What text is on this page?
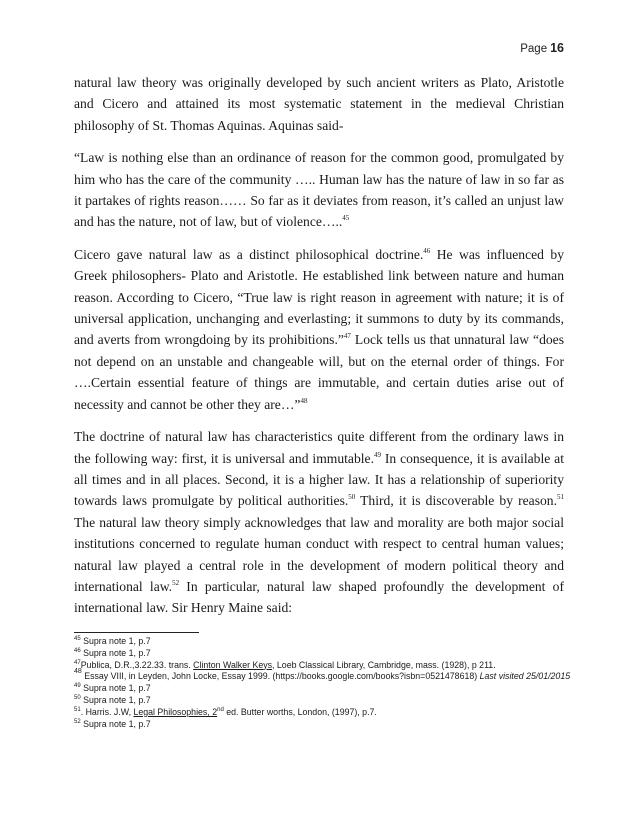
Page 16

natural law theory was originally developed by such ancient writers as Plato, Aristotle and Cicero and attained its most systematic statement in the medieval Christian philosophy of St. Thomas Aquinas. Aquinas said-

“Law is nothing else than an ordinance of reason for the common good, promulgated by him who has the care of the community ….. Human law has the nature of law in so far as it partakes of rights reason…… So far as it deviates from reason, it’s called an unjust law and has the nature, not of law, but of violence…..$^{45}$

Cicero gave natural law as a distinct philosophical doctrine.$^{46}$ He was influenced by Greek philosophers- Plato and Aristotle. He established link between nature and human reason. According to Cicero, “True law is right reason in agreement with nature; it is of universal application, unchanging and everlasting; it summons to duty by its commands, and averts from wrongdoing by its prohibitions.”$^{47}$ Lock tells us that unnatural law “does not depend on an unstable and changeable will, but on the eternal order of things. For ….Certain essential feature of things are immutable, and certain duties arise out of necessity and cannot be other they are…”$^{48}$

The doctrine of natural law has characteristics quite different from the ordinary laws in the following way: first, it is universal and immutable.$^{49}$ In consequence, it is available at all times and in all places. Second, it is a higher law. It has a relationship of superiority towards laws promulgate by political authorities.$^{50}$ Third, it is discoverable by reason.$^{51}$ The natural law theory simply acknowledges that law and morality are both major social institutions concerned to regulate human conduct with respect to central human values; natural law played a central role in the development of modern political theory and international law.$^{52}$ In particular, natural law shaped profoundly the development of international law. Sir Henry Maine said:

$^{45}$ Supra note 1, p.7
$^{46}$ Supra note 1, p.7
$^{47}$Publica, D.R.,3.22.33. trans. Clinton Walker Keys, Loeb Classical Library, Cambridge, mass. (1928), p 211.
$^{48}$ Essay VIII, in Leyden, John Locke, Essay 1999. (https://books.google.com/books?isbn=0521478618) Last visited 25/01/2015
$^{49}$ Supra note 1, p.7
$^{50}$ Supra note 1, p.7
$^{51}$. Harris. J.W, Legal Philosophies, 2nd ed. Butter worths, London, (1997), p.7.
$^{52}$ Supra note 1, p.7
